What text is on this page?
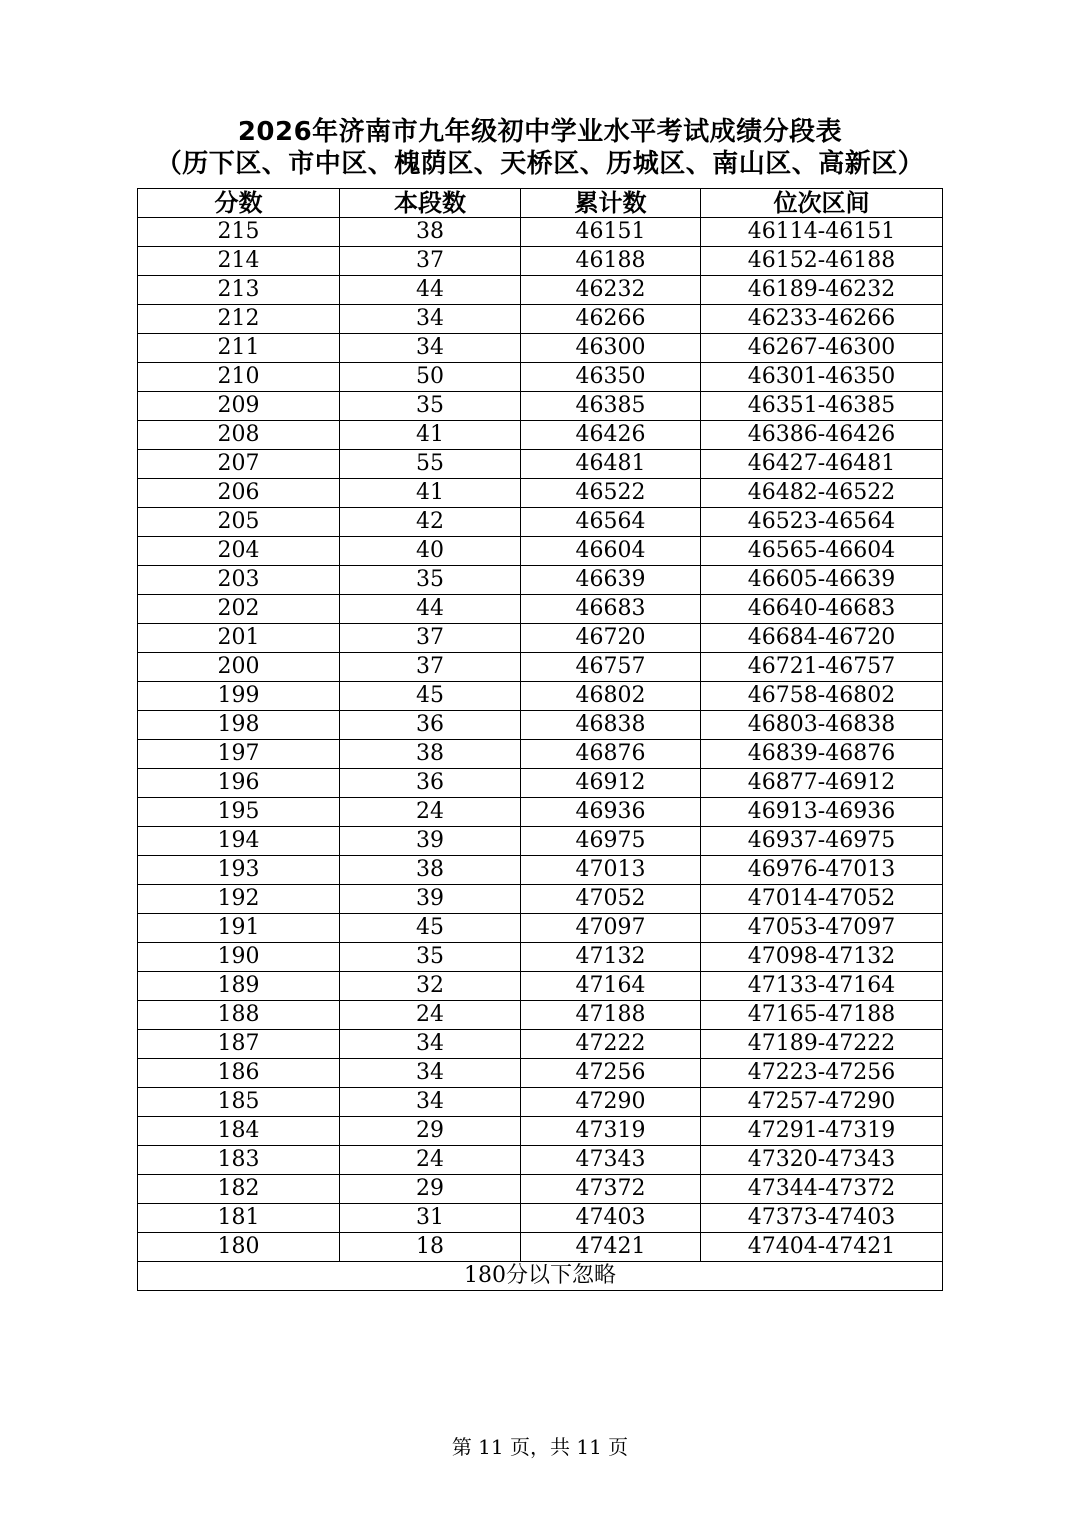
2026年济南市九年级初中学业水平考试成绩分段表
（历下区、市中区、槐荫区、天桥区、历城区、南山区、高新区）
分数	本段数	累计数	位次区间
215	38	46151	46114-46151
214	37	46188	46152-46188
213	44	46232	46189-46232
212	34	46266	46233-46266
211	34	46300	46267-46300
210	50	46350	46301-46350
209	35	46385	46351-46385
208	41	46426	46386-46426
207	55	46481	46427-46481
206	41	46522	46482-46522
205	42	46564	46523-46564
204	40	46604	46565-46604
203	35	46639	46605-46639
202	44	46683	46640-46683
201	37	46720	46684-46720
200	37	46757	46721-46757
199	45	46802	46758-46802
198	36	46838	46803-46838
197	38	46876	46839-46876
196	36	46912	46877-46912
195	24	46936	46913-46936
194	39	46975	46937-46975
193	38	47013	46976-47013
192	39	47052	47014-47052
191	45	47097	47053-47097
190	35	47132	47098-47132
189	32	47164	47133-47164
188	24	47188	47165-47188
187	34	47222	47189-47222
186	34	47256	47223-47256
185	34	47290	47257-47290
184	29	47319	47291-47319
183	24	47343	47320-47343
182	29	47372	47344-47372
181	31	47403	47373-47403
180	18	47421	47404-47421
180分以下忽略			
第 11 页，共 11 页
